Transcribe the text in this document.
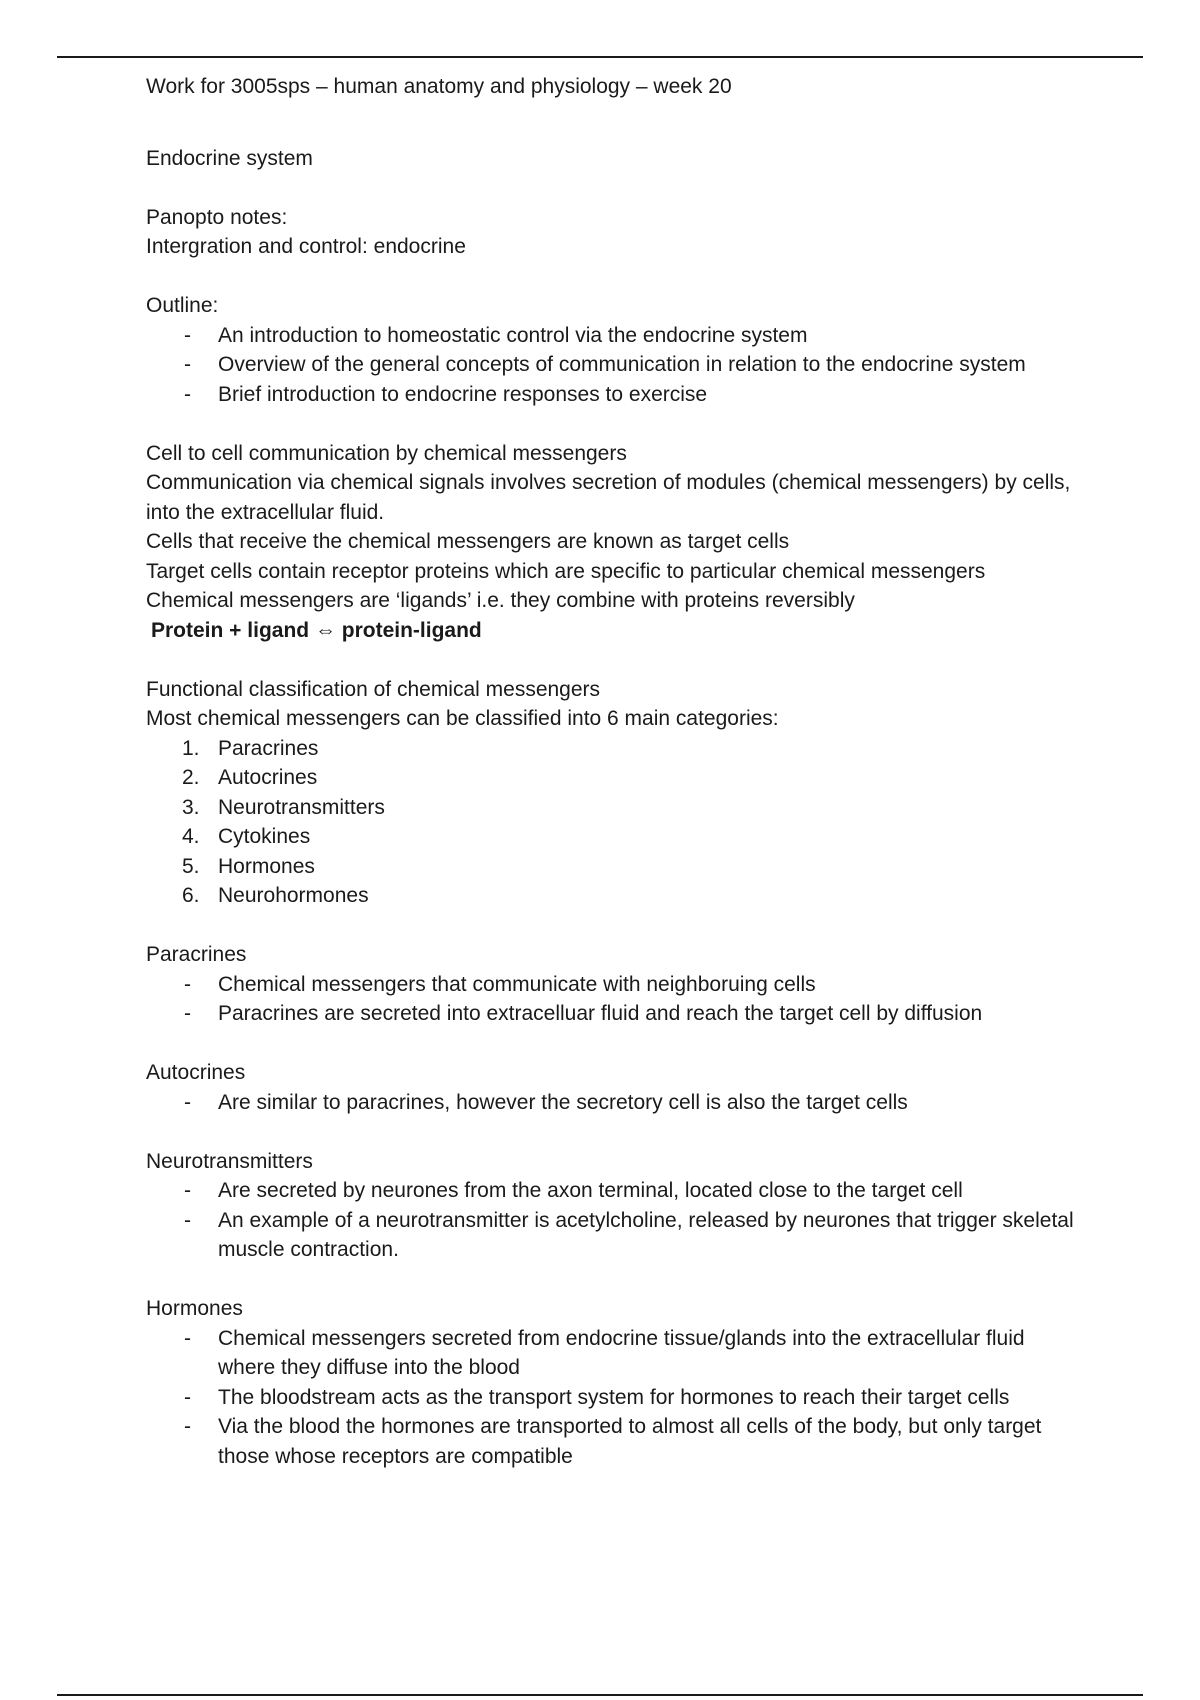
Work for 3005sps – human anatomy and physiology – week 20

Endocrine system

Panopto notes:

Intergration and control: endocrine

Outline:

- An introduction to homeostatic control via the endocrine system
- Overview of the general concepts of communication in relation to the endocrine system
- Brief introduction to endocrine responses to exercise

Cell to cell communication by chemical messengers

Communication via chemical signals involves secretion of modules (chemical messengers) by cells, into the extracellular fluid.

Cells that receive the chemical messengers are known as target cells

Target cells contain receptor proteins which are specific to particular chemical messengers

Chemical messengers are ‘ligands’ i.e. they combine with proteins reversibly

Protein + ligand ⇔ protein-ligand

Functional classification of chemical messengers

Most chemical messengers can be classified into 6 main categories:

1. Paracrines
2. Autocrines
3. Neurotransmitters
4. Cytokines
5. Hormones
6. Neurohormones

Paracrines

- Chemical messengers that communicate with neighboruing cells
- Paracrines are secreted into extracelluar fluid and reach the target cell by diffusion

Autocrines

- Are similar to paracrines, however the secretory cell is also the target cells

Neurotransmitters

- Are secreted by neurones from the axon terminal, located close to the target cell
- An example of a neurotransmitter is acetylcholine, released by neurones that trigger skeletal muscle contraction.

Hormones

- Chemical messengers secreted from endocrine tissue/glands into the extracellular fluid where they diffuse into the blood
- The bloodstream acts as the transport system for hormones to reach their target cells
- Via the blood the hormones are transported to almost all cells of the body, but only target those whose receptors are compatible
